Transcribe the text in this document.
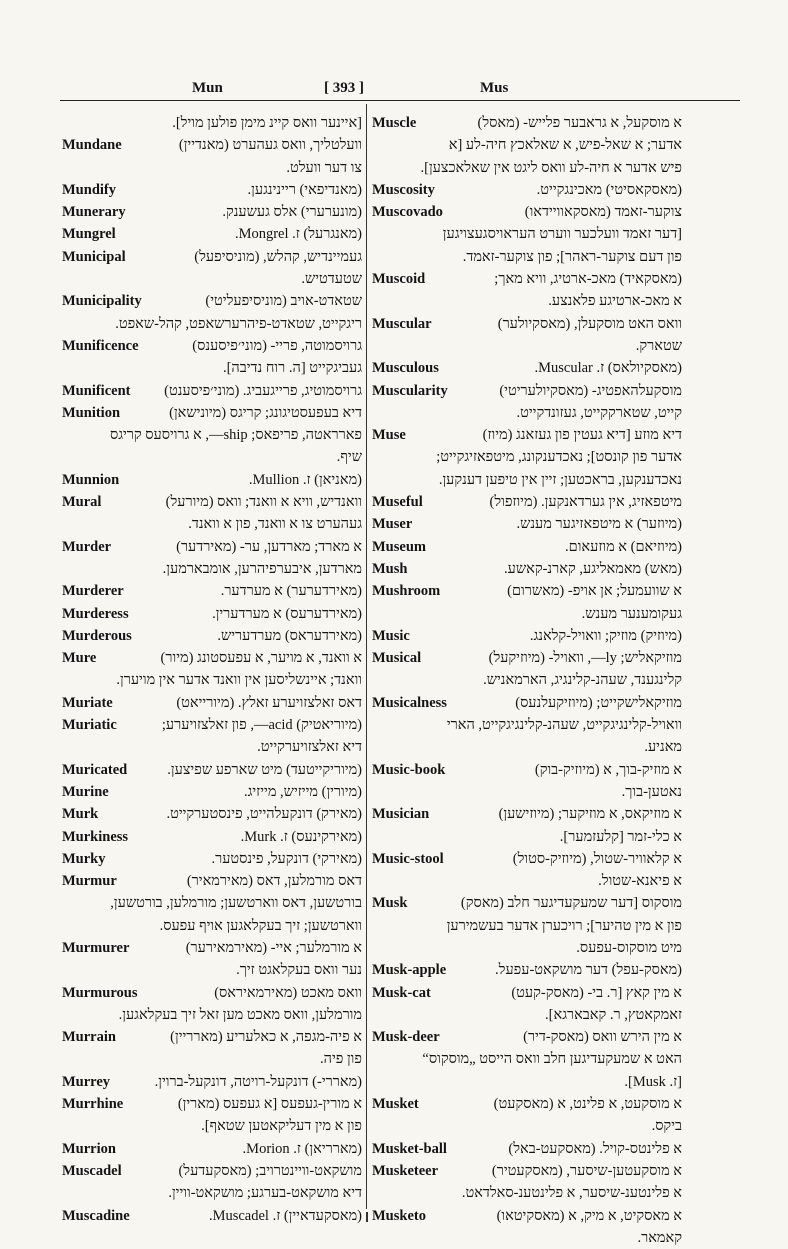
Mun	[ 393 ]	Mus
[איינער וואס קיינ מימן פולען מויל].
Mundane	וועלטליך, וואס געהערט (מאנדיין)
צו דער וועלט.
Mundify	(מאנדיפאי) ריינינגען.
Munerary	(מונערערי) אלס געשענק.
Mungrel	(מאנגרעל) ז. Mongrel.
Municipal	געמיינדיש, קהלש, (מוניסיפעל)
שטעדטיש.
Municipality	שטאדט-אויב (מוניסיפעליטי)
ריגקייט, שטאדט-פיהרערשאפט, קהל-שאפט.
Munificence	גרויסמוטה, פריי- (מוני׳פיסענס)
געביגקייט [ה. רוח נדיבה].
Munificent גרויסמוטיג, פרייגעביג. (מוני׳פיסענט)
Munition	דיא בעפעסטיגונג; קריגס (מיונישאן)
פארראטה, פריפאס; ship—, א גרויסעס קריגס
שיף.
Munnion	(מאניאן) ז. Mullion.
Mural	וואנדיש, וויא א וואנד; וואס (מיורעל)
געהערט צו א וואנד, פון א וואנד.
Murder	א מארד; מארדען, ער- (מאירדער)
מארדען, איבערפיהרען, אומבארמען.
Murderer	(מאירדערער) א מערדער.
Murderess	(מאירדערעס) א מערדערין.
Murderous	(מאירדעראס) מערדעריש.
Mure	א וואנד, א מויער, א עפעסטונג (מיור)
וואנד; איינשליסען אין וואנד אדער אין מויערן.
Muriate	דאס זאלצזויערע זאלץ. (מיורייאט)
Muriatic	(מיוריאטיק) acid—, פון זאלצזויערע;
דיא זאלצזויערקייט.
Muricated	(מיוריקייטעד) מיט שארפע שפיצען.
Murine	(מיורין) מייזיש, מייזיג.
Murk	(מאירק) דונקעלהייט, פינסטערקייט.
Murkiness	(מאירקינעס) ז. Murk.
Murky	(מאירקי) דונקעל, פינסטער.
Murmur	דאס מורמלען, דאס (מאירמאיר)
בורטשען, דאס ווארטשען; מורמלען, בורטשען,
ווארטשען; זיך בעקלאגען אויף עפעס.
Murmurer	א מורמלער; איי- (מאירמאירער)
נער וואס בעקלאגט זיך.
Murmurous	וואס מאכט (מאירמאיראס)
מורמלען, וואס מאכט מען זאל זיך בעקלאגען.
Murrain	א פיה-מגפה, א כאלעריע (מארריין)
פון פיה.
Murrey	(מאררי-) דונקעל-רויטה, דונקעל-ברוין.
Murrhine	א מורין-געפעס [א געפעס (מארין)
פון א מין דעליקאטען שטאף].
Murrion	(מארריאן) ז. Morion.
Muscadel	מושקאט-וויינטרויב; (מאסקעדעל)
דיא מושקאט-בערגע; מושקאט-וויין.
Muscadine	(מאסקעדאיין) ז. Muscadel.
Muscle	א מוסקעל, א גראבער פלייש- (מאסל)
אדער; א שאל-פיש, א שאלאכץ חיה-לע [א
פיש אדער א חיה-לע וואס ליגט אין שאלאכצען].
Muscosity	(מאסקאסיטי) מאכינגקייט.
Muscovado	צוקער-זאמד (מאסקאוויידאו)
[דער זאמד וועלכער ווערט העראויסגעצויגען
פון דעם צוקער-ראהר]; פון צוקער-זאמד.
Muscoid	(מאסקאיד) מאכ-ארטיג, וויא מאך;
א מאכ-ארטיגע פלאנצע.
Muscular	וואס האט מוסקעלן, (מאסקיולער)
שטארק.
Musculous	(מאסקיולאס) ז. Muscular.
Muscularity	מוסקעלהאפטיג- (מאסקיולעריטי)
קייט, שטארקקייט, געזונדקייט.
Muse	דיא מוזע [דיא געטין פון געזאנג (מיוז)
אדער פון קונסט]; נאכדענקונג, מיטפאזיגקייט;
נאכדענקען, בראכטען; זיין אין טיפען דענקען.
Museful	מיטפאזיג, אין גערדאנקען. (מיוזפול)
Muser	(מיוזער) א מיטפאזיגער מענש.
Museum	(מיוזיאם) א מוזעאום.
Mush	(מאש) מאמאליגע, קארנ-קאשע.
Mushroom	א שוועמעל; אן אויפ- (מאשרום)
געקומענער מענש.
Music	(מיוזיק) מוזיק; וואויל-קלאנג.
Musical	מוזיקאליש; ly—, וואויל- (מיוזיקעל)
קלינגענד, שעהנ-קלינגיג, הארמאניש.
Musicalness	מוזיקאלישקייט; (מיוזיקעלנעס)
וואויל-קלינגיגקייט, שעהנ-קלינגיגקייט, הארי
מאניע.
Music-book	א מוזיק-בוך, א (מיוזיק-בוק)
נאטען-בוך.
Musician	א מוזיקאס, א מוזיקער; (מיוזישען)
א כלי-זמר [קלעזמער].
Music-stool	א קלאוויר-שטול, (מיוזיק-סטול)
א פיאנא-שטול.
Musk	מוסקוס [דער שמעקעדיגער חלב (מאסק)
פון א מין טהיער]; רויכערן אדער בעשמירען
מיט מוסקוס-עפעס.
Musk-apple	(מאסק-עפל) דער מושקאט-עפעל.
Musk-cat	א מין קאץ [ר. בי- (מאסק-קעט)
זאמקאטץ, ר. קאבארגא].
Musk-deer	א מין הירש וואס (מאסק-דיר)
האט א שמעקעדיגען חלב וואס הייסט „מוסקוס“
[ז. Musk].
Musket	א מוסקעט, א פלינט, א (מאסקעט)
ביקס.
Musket-ball	א פלינטס-קויל. (מאסקעט-באל)
Musketeer	א מוסקעטען-שיסער, (מאסקעטיר)
א פלינטענ-שיסער, א פלינטענ-סאלדאט.
Musketo	א מאסקיט, א מיק, א (מאסקיטאו)
קאמאר.
